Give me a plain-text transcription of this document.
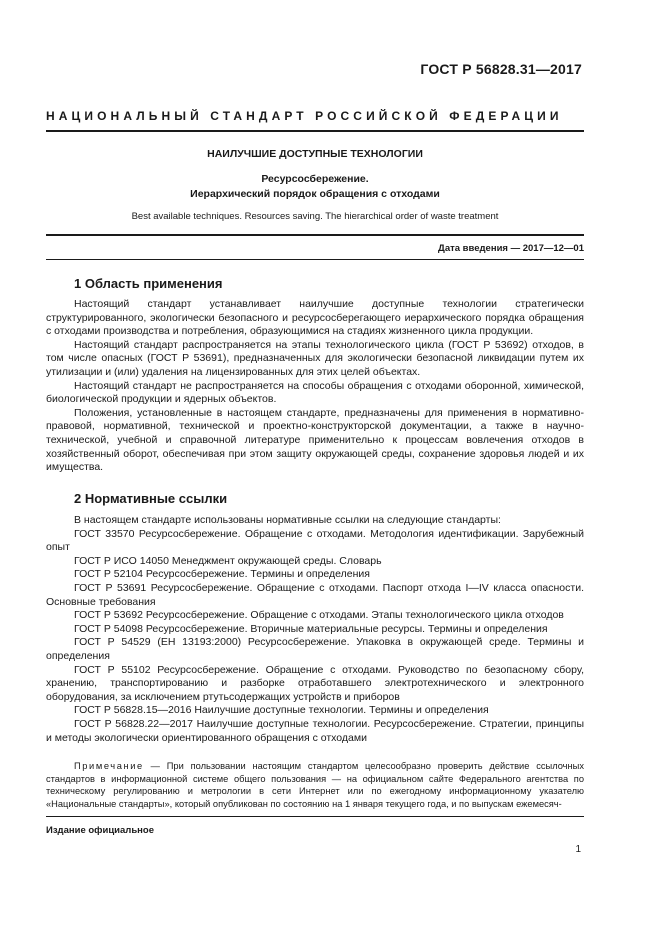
ГОСТ Р 56828.31—2017
НАЦИОНАЛЬНЫЙ СТАНДАРТ РОССИЙСКОЙ ФЕДЕРАЦИИ
НАИЛУЧШИЕ ДОСТУПНЫЕ ТЕХНОЛОГИИ
Ресурсосбережение.
Иерархический порядок обращения с отходами
Best available techniques. Resources saving. The hierarchical order of waste treatment
Дата введения — 2017—12—01
1 Область применения

Настоящий стандарт устанавливает наилучшие доступные технологии стратегически структурированного, экологически безопасного и ресурсосберегающего иерархического порядка обращения с отходами производства и потребления, образующимися на стадиях жизненного цикла продукции.

Настоящий стандарт распространяется на этапы технологического цикла (ГОСТ Р 53692) отходов, в том числе опасных (ГОСТ Р 53691), предназначенных для экологически безопасной ликвидации путем их утилизации и (или) удаления на лицензированных для этих целей объектах.

Настоящий стандарт не распространяется на способы обращения с отходами оборонной, химической, биологической продукции и ядерных объектов.

Положения, установленные в настоящем стандарте, предназначены для применения в нормативно-правовой, нормативной, технической и проектно-конструкторской документации, а также в научно-технической, учебной и справочной литературе применительно к процессам вовлечения отходов в хозяйственный оборот, обеспечивая при этом защиту окружающей среды, сохранение здоровья людей и их имущества.

2 Нормативные ссылки

В настоящем стандарте использованы нормативные ссылки на следующие стандарты:

ГОСТ 33570 Ресурсосбережение. Обращение с отходами. Методология идентификации. Зарубежный опыт

ГОСТ Р ИСО 14050 Менеджмент окружающей среды. Словарь

ГОСТ Р 52104 Ресурсосбережение. Термины и определения

ГОСТ Р 53691 Ресурсосбережение. Обращение с отходами. Паспорт отхода I—IV класса опасности. Основные требования

ГОСТ Р 53692 Ресурсосбережение. Обращение с отходами. Этапы технологического цикла отходов

ГОСТ Р 54098 Ресурсосбережение. Вторичные материальные ресурсы. Термины и определения

ГОСТ Р 54529 (ЕН 13193:2000) Ресурсосбережение. Упаковка в окружающей среде. Термины и определения

ГОСТ Р 55102 Ресурсосбережение. Обращение с отходами. Руководство по безопасному сбору, хранению, транспортированию и разборке отработавшего электротехнического и электронного оборудования, за исключением ртутьсодержащих устройств и приборов

ГОСТ Р 56828.15—2016 Наилучшие доступные технологии. Термины и определения

ГОСТ Р 56828.22—2017 Наилучшие доступные технологии. Ресурсосбережение. Стратегии, принципы и методы экологически ориентированного обращения с отходами

Примечание — При пользовании настоящим стандартом целесообразно проверить действие ссылочных стандартов в информационной системе общего пользования — на официальном сайте Федерального агентства по техническому регулированию и метрологии в сети Интернет или по ежегодному информационному указателю «Национальные стандарты», который опубликован по состоянию на 1 января текущего года, и по выпускам ежемесяч-

Издание официальное
1
